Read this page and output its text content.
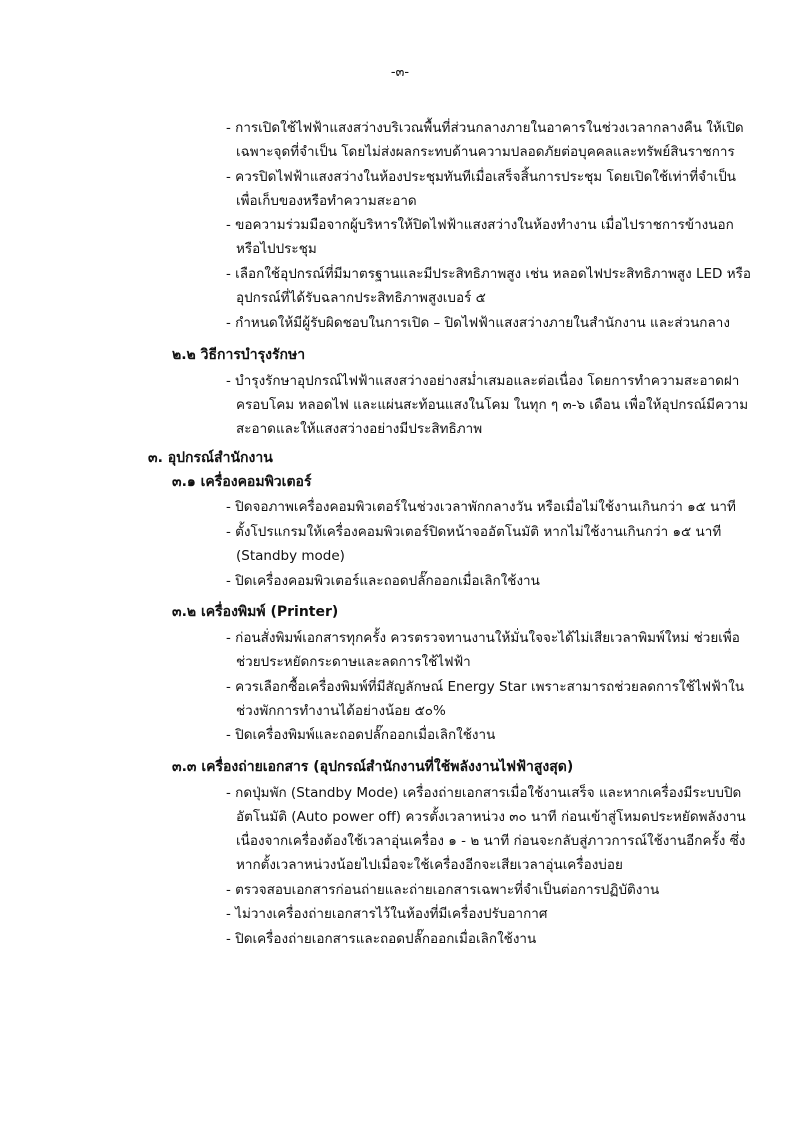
-๓-
- การเปิดใช้ไฟฟ้าแสงสว่างบริเวณพื้นที่ส่วนกลางภายในอาคารในช่วงเวลากลางคืน ให้เปิดเฉพาะจุดที่จำเป็น โดยไม่ส่งผลกระทบด้านความปลอดภัยต่อบุคคลและทรัพย์สินราชการ
- ควรปิดไฟฟ้าแสงสว่างในห้องประชุมทันทีเมื่อเสร็จสิ้นการประชุม โดยเปิดใช้เท่าที่จำเป็นเพื่อเก็บของหรือทำความสะอาด
- ขอความร่วมมือจากผู้บริหารให้ปิดไฟฟ้าแสงสว่างในห้องทำงาน เมื่อไปราชการข้างนอกหรือไปประชุม
- เลือกใช้อุปกรณ์ที่มีมาตรฐานและมีประสิทธิภาพสูง เช่น หลอดไฟประสิทธิภาพสูง LED หรืออุปกรณ์ที่ได้รับฉลากประสิทธิภาพสูงเบอร์ ๕
- กำหนดให้มีผู้รับผิดชอบในการเปิด – ปิดไฟฟ้าแสงสว่างภายในสำนักงาน และส่วนกลาง
๒.๒ วิธีการบำรุงรักษา
- บำรุงรักษาอุปกรณ์ไฟฟ้าแสงสว่างอย่างสม่ำเสมอและต่อเนื่อง โดยการทำความสะอาดฝาครอบโคม หลอดไฟ และแผ่นสะท้อนแสงในโคม ในทุก ๆ ๓-๖ เดือน เพื่อให้อุปกรณ์มีความสะอาดและให้แสงสว่างอย่างมีประสิทธิภาพ
๓. อุปกรณ์สำนักงาน
๓.๑ เครื่องคอมพิวเตอร์
- ปิดจอภาพเครื่องคอมพิวเตอร์ในช่วงเวลาพักกลางวัน หรือเมื่อไม่ใช้งานเกินกว่า ๑๕ นาที
- ตั้งโปรแกรมให้เครื่องคอมพิวเตอร์ปิดหน้าจออัตโนมัติ หากไม่ใช้งานเกินกว่า ๑๕ นาที (Standby mode)
- ปิดเครื่องคอมพิวเตอร์และถอดปลั๊กออกเมื่อเลิกใช้งาน
๓.๒ เครื่องพิมพ์ (Printer)
- ก่อนสั่งพิมพ์เอกสารทุกครั้ง ควรตรวจทานงานให้มั่นใจจะได้ไม่เสียเวลาพิมพ์ใหม่ ช่วยเพื่อช่วยประหยัดกระดาษและลดการใช้ไฟฟ้า
- ควรเลือกซื้อเครื่องพิมพ์ที่มีสัญลักษณ์ Energy Star เพราะสามารถช่วยลดการใช้ไฟฟ้าในช่วงพักการทำงานได้อย่างน้อย ๕๐%
- ปิดเครื่องพิมพ์และถอดปลั๊กออกเมื่อเลิกใช้งาน
๓.๓ เครื่องถ่ายเอกสาร (อุปกรณ์สำนักงานที่ใช้พลังงานไฟฟ้าสูงสุด)
- กดปุ่มพัก (Standby Mode) เครื่องถ่ายเอกสารเมื่อใช้งานเสร็จ และหากเครื่องมีระบบปิดอัตโนมัติ (Auto power off) ควรตั้งเวลาหน่วง ๓๐ นาที ก่อนเข้าสู่โหมดประหยัดพลังงาน เนื่องจากเครื่องต้องใช้เวลาอุ่นเครื่อง ๑ - ๒ นาที ก่อนจะกลับสู่ภาวการณ์ใช้งานอีกครั้ง ซึ่งหากตั้งเวลาหน่วงน้อยไปเมื่อจะใช้เครื่องอีกจะเสียเวลาอุ่นเครื่องบ่อย
- ตรวจสอบเอกสารก่อนถ่ายและถ่ายเอกสารเฉพาะที่จำเป็นต่อการปฏิบัติงาน
- ไม่วางเครื่องถ่ายเอกสารไว้ในห้องที่มีเครื่องปรับอากาศ
- ปิดเครื่องถ่ายเอกสารและถอดปลั๊กออกเมื่อเลิกใช้งาน
